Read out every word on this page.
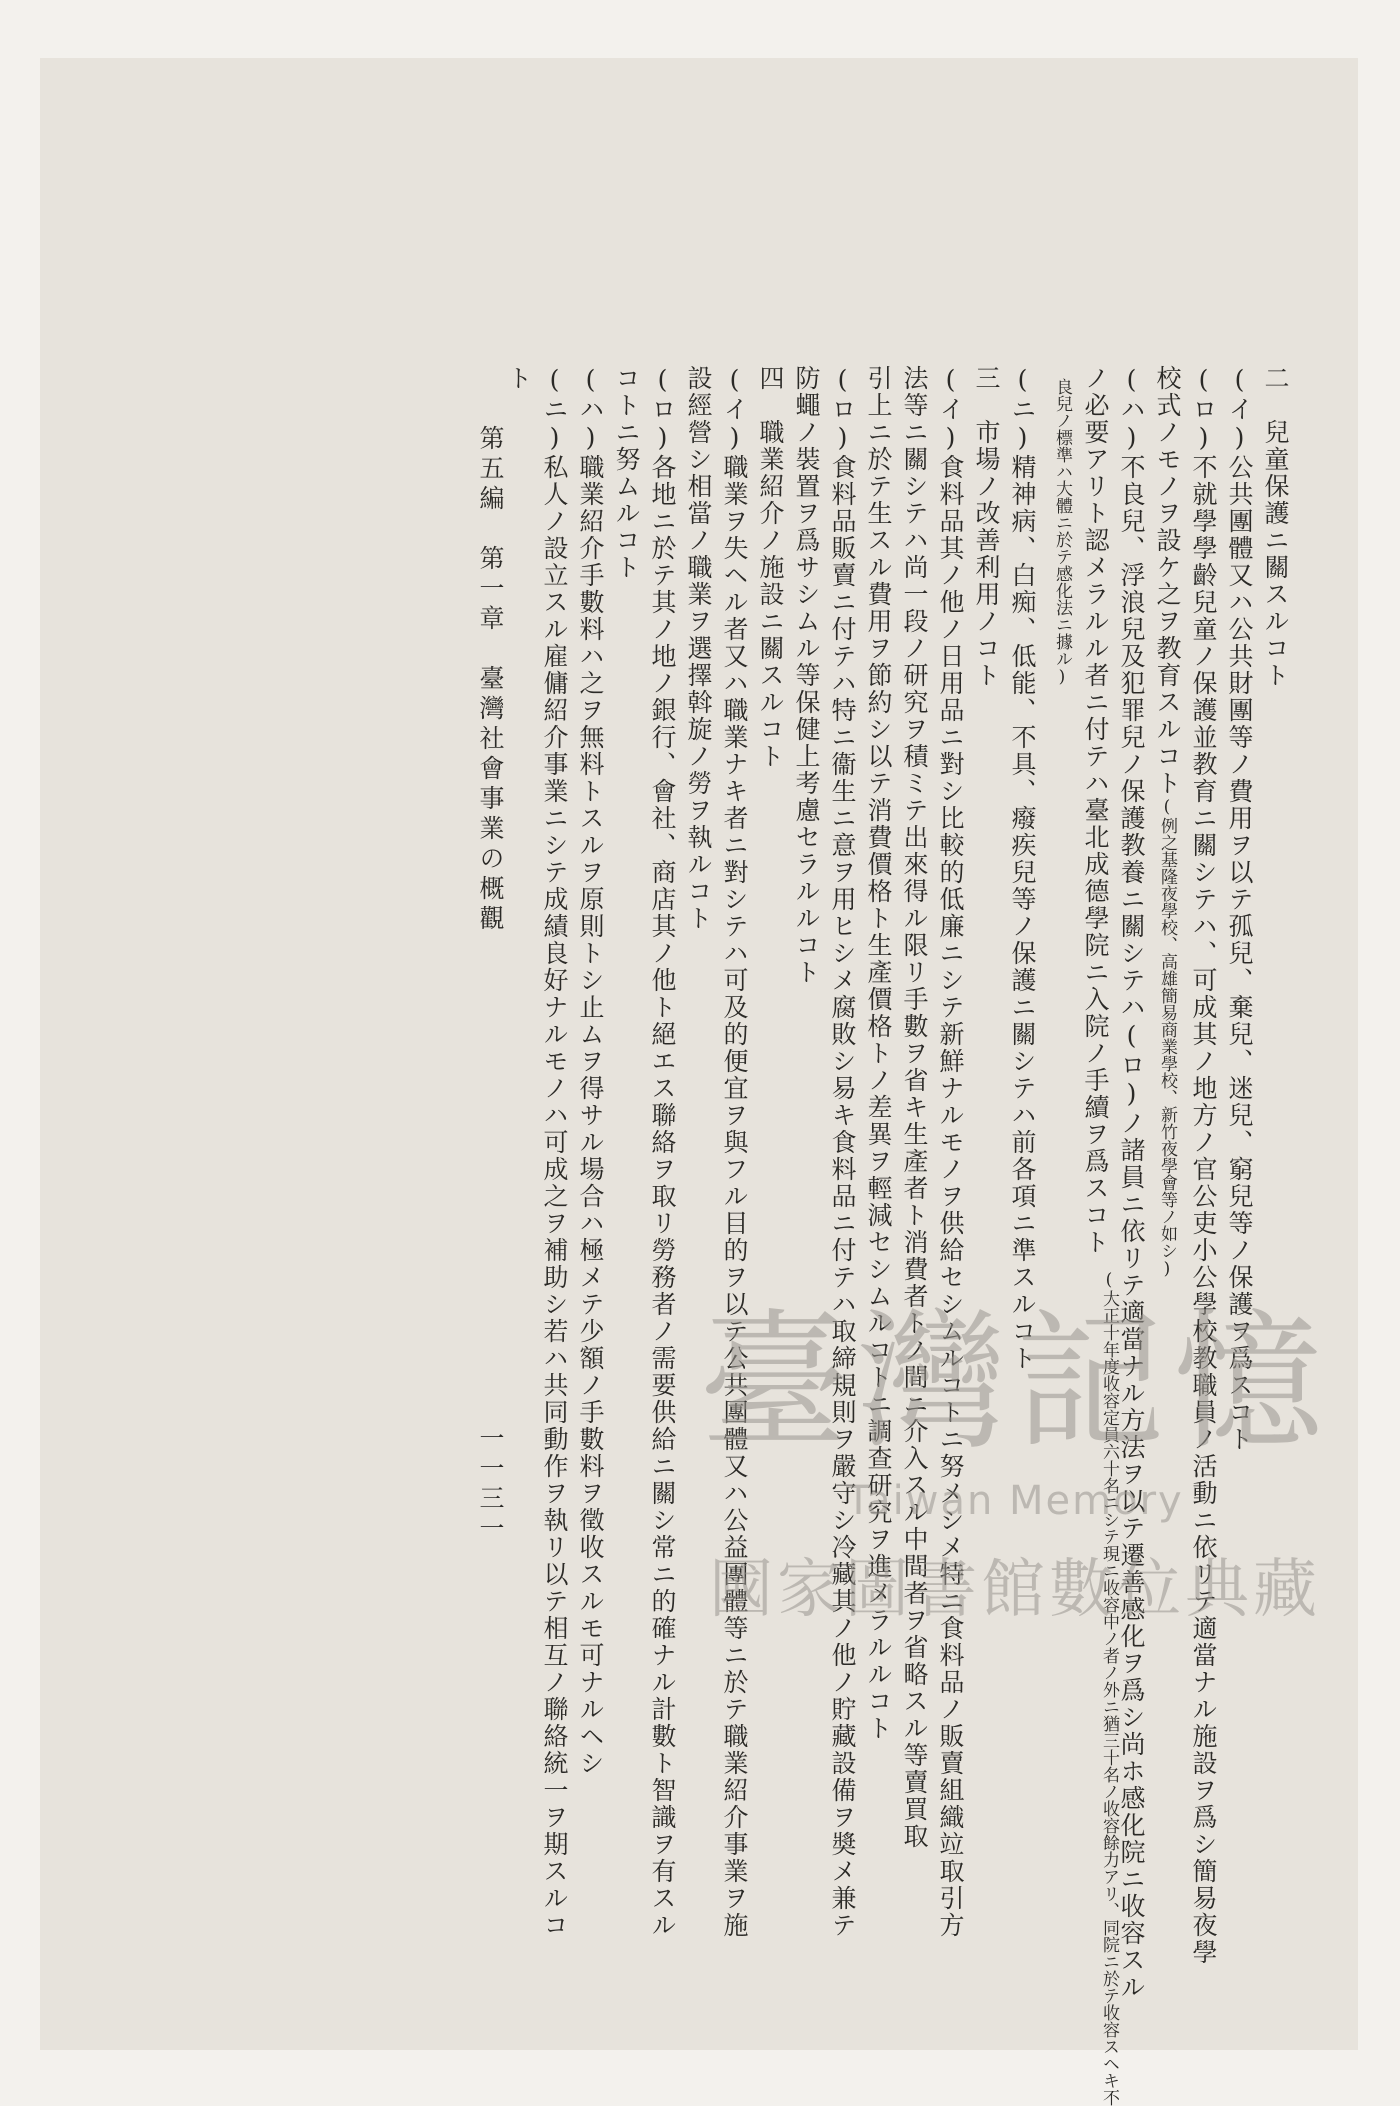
二　兒童保護ニ關スルコト
(イ)公共團體又ハ公共財團等ノ費用ヲ以テ孤兒、棄兒、迷兒、窮兒等ノ保護ヲ爲スコト
(ロ)不就學學齡兒童ノ保護並教育ニ關シテハ、可成其ノ地方ノ官公吏小公學校教職員ノ活動ニ依リテ適當ナル施設ヲ爲シ簡易夜學
校式ノモノヲ設ケ之ヲ教育スルコト(例之基隆夜學校、高雄簡易商業學校、新竹夜學會等ノ如シ)
(ハ)不良兒、浮浪兒及犯罪兒ノ保護教養ニ關シテハ(ロ)ノ諸員ニ依リテ適當ナル方法ヲ以テ遷善感化ヲ爲シ尚ホ感化院ニ收容スル
(大正十年度收容定員六十名ニシテ現ニ收容中ノ者ノ外ニ猶三十名ノ收容餘力アリ、同院ニ於テ收容スヘキ不
ノ必要アリト認メラルル者ニ付テハ臺北成德學院ニ入院ノ手續ヲ爲スコト
良兒ノ標準ハ大體ニ於テ感化法ニ據ル)
(ニ)精神病、白痴、低能、不具、癈疾兒等ノ保護ニ關シテハ前各項ニ準スルコト
三　市場ノ改善利用ノコト
(イ)食料品其ノ他ノ日用品ニ對シ比較的低廉ニシテ新鮮ナルモノヲ供給セシムルコトニ努メシメ特ニ食料品ノ販賣組織竝取引方
法等ニ關シテハ尚一段ノ研究ヲ積ミテ出來得ル限リ手數ヲ省キ生產者ト消費者トノ間ニ介入スル中間者ヲ省略スル等賣買取
引上ニ於テ生スル費用ヲ節約シ以テ消費價格ト生產價格トノ差異ヲ輕減セシムルコトニ調查研究ヲ進メラルルコト
(ロ)食料品販賣ニ付テハ特ニ衞生ニ意ヲ用ヒシメ腐敗シ易キ食料品ニ付テハ取締規則ヲ嚴守シ冷藏其ノ他ノ貯藏設備ヲ奬メ兼テ
防蠅ノ裝置ヲ爲サシムル等保健上考慮セラルルコト
四　職業紹介ノ施設ニ關スルコト
(イ)職業ヲ失ヘル者又ハ職業ナキ者ニ對シテハ可及的便宜ヲ與フル目的ヲ以テ公共團體又ハ公益團體等ニ於テ職業紹介事業ヲ施
設經營シ相當ノ職業ヲ選擇斡旋ノ勞ヲ執ルコト
(ロ)各地ニ於テ其ノ地ノ銀行、會社、商店其ノ他ト絕エス聯絡ヲ取リ勞務者ノ需要供給ニ關シ常ニ的確ナル計數ト智識ヲ有スル
コトニ努ムルコト
(ハ)職業紹介手數料ハ之ヲ無料トスルヲ原則トシ止ムヲ得サル場合ハ極メテ少額ノ手數料ヲ徵收スルモ可ナルヘシ
(ニ)私人ノ設立スル雇傭紹介事業ニシテ成績良好ナルモノハ可成之ヲ補助シ若ハ共同動作ヲ執リ以テ相互ノ聯絡統一ヲ期スルコ
ト
第五編　第一章　臺灣社會事業の概觀
一一三一
臺灣記憶
Taiwan Memory
國家圖書館數位典藏
